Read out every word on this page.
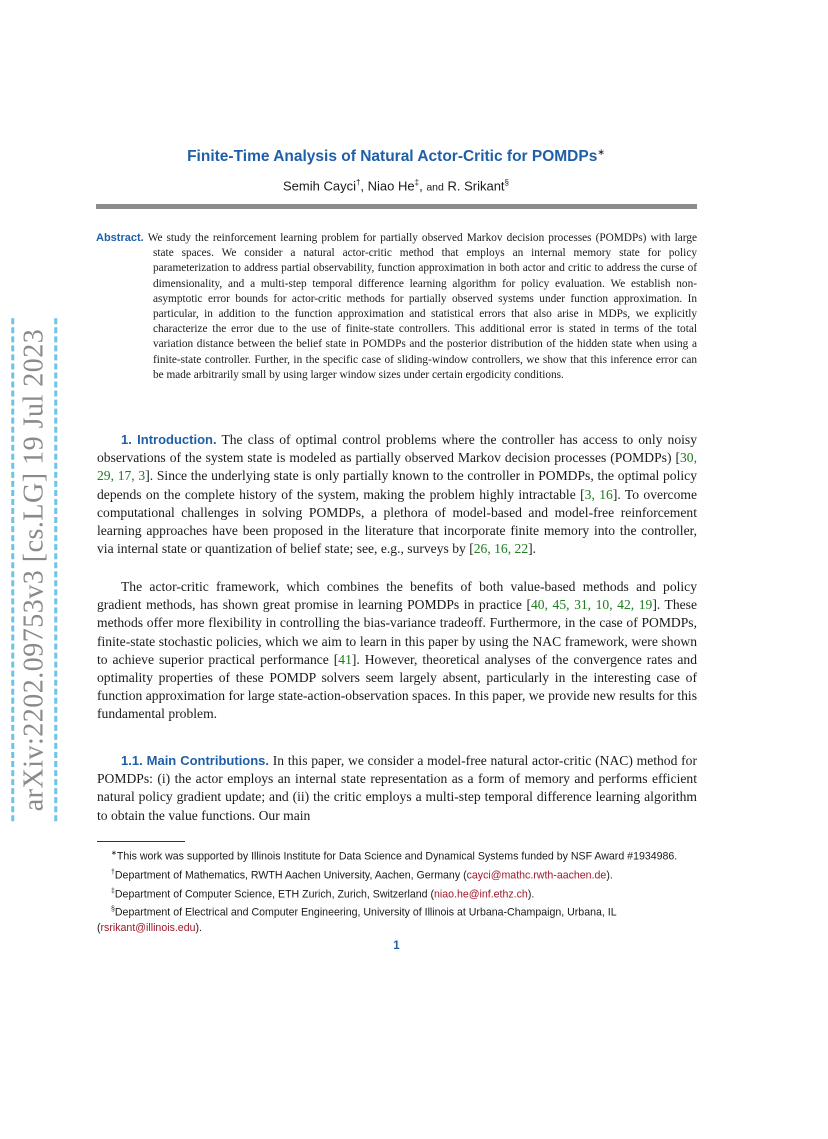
arXiv:2202.09753v3 [cs.LG] 19 Jul 2023
Finite-Time Analysis of Natural Actor-Critic for POMDPs∗
Semih Cayci†, Niao He‡, and R. Srikant§
Abstract. We study the reinforcement learning problem for partially observed Markov decision processes (POMDPs) with large state spaces. We consider a natural actor-critic method that employs an internal memory state for policy parameterization to address partial observability, function approximation in both actor and critic to address the curse of dimensionality, and a multi-step temporal difference learning algorithm for policy evaluation. We establish non-asymptotic error bounds for actor-critic methods for partially observed systems under function approximation. In particular, in addition to the function approximation and statistical errors that also arise in MDPs, we explicitly characterize the error due to the use of finite-state controllers. This additional error is stated in terms of the total variation distance between the belief state in POMDPs and the posterior distribution of the hidden state when using a finite-state controller. Further, in the specific case of sliding-window controllers, we show that this inference error can be made arbitrarily small by using larger window sizes under certain ergodicity conditions.
1. Introduction. The class of optimal control problems where the controller has access to only noisy observations of the system state is modeled as partially observed Markov decision processes (POMDPs) [30, 29, 17, 3]. Since the underlying state is only partially known to the controller in POMDPs, the optimal policy depends on the complete history of the system, making the problem highly intractable [3, 16]. To overcome computational challenges in solving POMDPs, a plethora of model-based and model-free reinforcement learning approaches have been proposed in the literature that incorporate finite memory into the controller, via internal state or quantization of belief state; see, e.g., surveys by [26, 16, 22].
The actor-critic framework, which combines the benefits of both value-based methods and policy gradient methods, has shown great promise in learning POMDPs in practice [40, 45, 31, 10, 42, 19]. These methods offer more flexibility in controlling the bias-variance tradeoff. Furthermore, in the case of POMDPs, finite-state stochastic policies, which we aim to learn in this paper by using the NAC framework, were shown to achieve superior practical performance [41]. However, theoretical analyses of the convergence rates and optimality properties of these POMDP solvers seem largely absent, particularly in the interesting case of function approximation for large state-action-observation spaces. In this paper, we provide new results for this fundamental problem.
1.1. Main Contributions. In this paper, we consider a model-free natural actor-critic (NAC) method for POMDPs: (i) the actor employs an internal state representation as a form of memory and performs efficient natural policy gradient update; and (ii) the critic employs a multi-step temporal difference learning algorithm to obtain the value functions. Our main
∗This work was supported by Illinois Institute for Data Science and Dynamical Systems funded by NSF Award #1934986.
†Department of Mathematics, RWTH Aachen University, Aachen, Germany (cayci@mathc.rwth-aachen.de).
‡Department of Computer Science, ETH Zurich, Zurich, Switzerland (niao.he@inf.ethz.ch).
§Department of Electrical and Computer Engineering, University of Illinois at Urbana-Champaign, Urbana, IL (rsrikant@illinois.edu).
1
